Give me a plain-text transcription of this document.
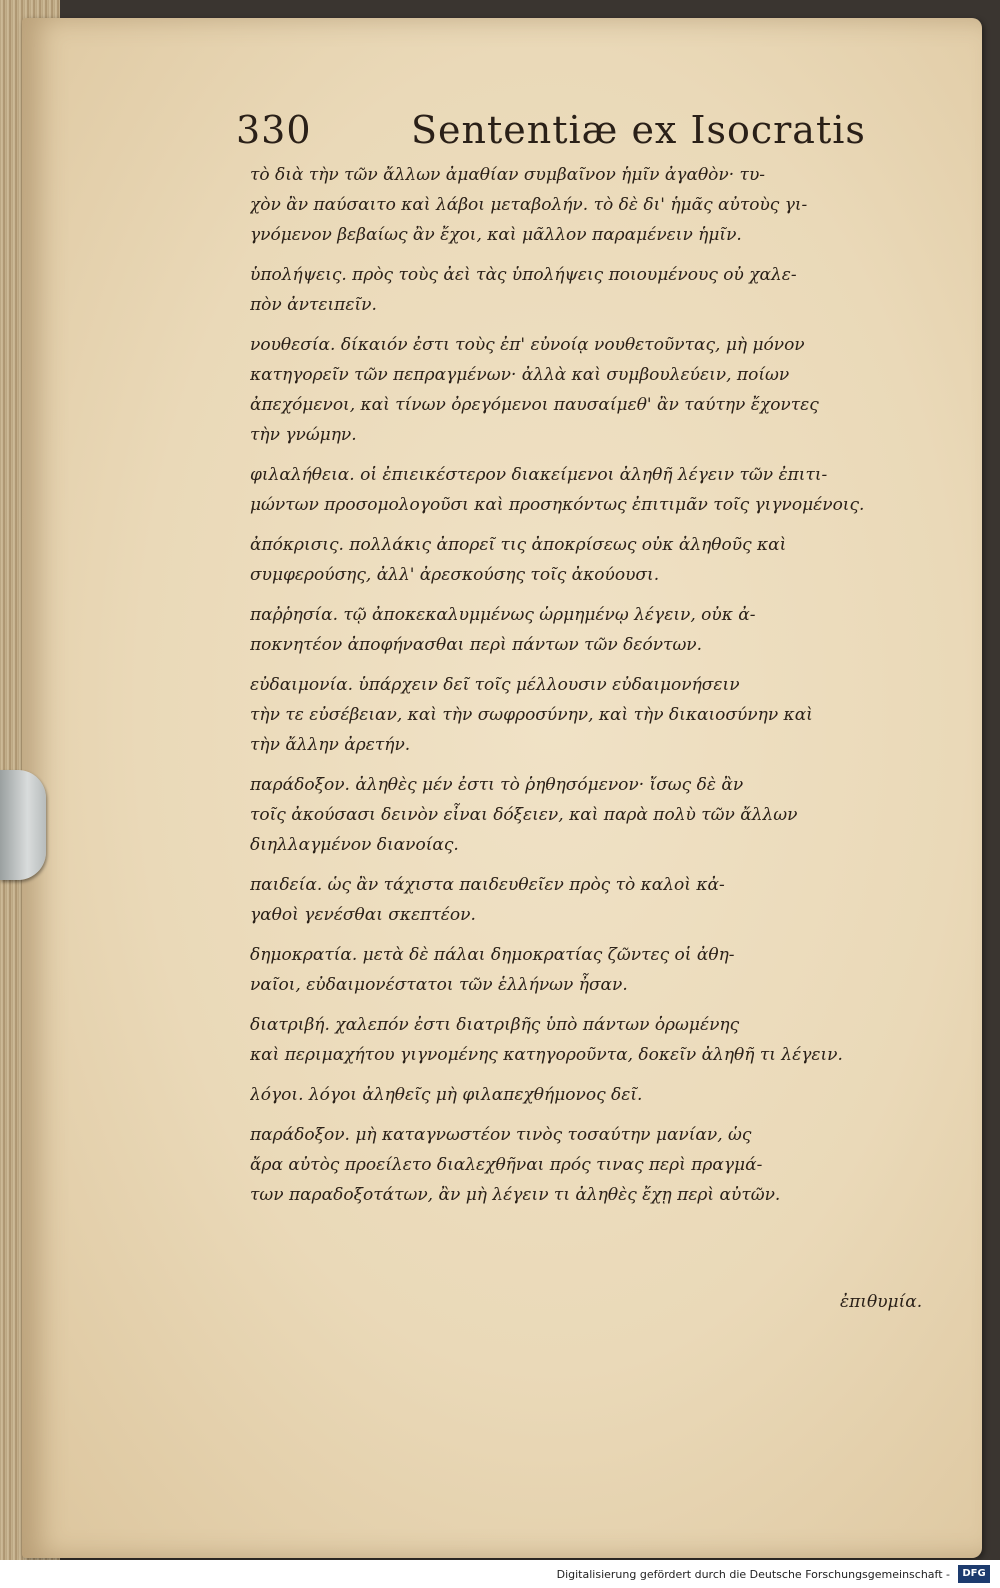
330	Sententiæ ex Isocratis
τὸ διὰ τὴν τῶν ἄλλων ἀμαθίαν συμβαῖνον ἡμῖν ἀγαθὸν· τυ-
χὸν ἂν παύσαιτο καὶ λάβοι μεταβολήν. τὸ δὲ δι' ἡμᾶς αὐτοὺς γι-
γνόμενον βεβαίως ἂν ἔχοι, καὶ μᾶλλον παραμένειν ἡμῖν.
ὑπολήψεις. πρὸς τοὺς ἀεὶ τὰς ὑπολήψεις ποιουμένους οὐ χαλε-
πὸν ἀντειπεῖν.
νουθεσία. δίκαιόν ἐστι τοὺς ἐπ' εὐνοίᾳ νουθετοῦντας, μὴ μόνον
κατηγορεῖν τῶν πεπραγμένων· ἀλλὰ καὶ συμβουλεύειν, ποίων
ἀπεχόμενοι, καὶ τίνων ὀρεγόμενοι παυσαίμεθ' ἂν ταύτην ἔχοντες
τὴν γνώμην.
φιλαλήθεια. οἱ ἐπιεικέστερον διακείμενοι ἀληθῆ λέγειν τῶν ἐπιτι-
μώντων προσομολογοῦσι καὶ προσηκόντως ἐπιτιμᾶν τοῖς γιγνομένοις.
ἀπόκρισις. πολλάκις ἀπορεῖ τις ἀποκρίσεως οὐκ ἀληθοῦς καὶ
συμφερούσης, ἀλλ' ἀρεσκούσης τοῖς ἀκούουσι.
παῤῥησία. τῷ ἀποκεκαλυμμένως ὡρμημένῳ λέγειν, οὐκ ἀ-
ποκνητέον ἀποφήνασθαι περὶ πάντων τῶν δεόντων.
εὐδαιμονία. ὑπάρχειν δεῖ τοῖς μέλλουσιν εὐδαιμονήσειν
τὴν τε εὐσέβειαν, καὶ τὴν σωφροσύνην, καὶ τὴν δικαιοσύνην καὶ
τὴν ἄλλην ἀρετήν.
παράδοξον. ἀληθὲς μέν ἐστι τὸ ῥηθησόμενον· ἴσως δὲ ἂν
τοῖς ἀκούσασι δεινὸν εἶναι δόξειεν, καὶ παρὰ πολὺ τῶν ἄλλων
διηλλαγμένον διανοίας.
παιδεία. ὡς ἂν τάχιστα παιδευθεῖεν πρὸς τὸ καλοὶ κἀ-
γαθοὶ γενέσθαι σκεπτέον.
δημοκρατία. μετὰ δὲ πάλαι δημοκρατίας ζῶντες οἱ ἀθη-
ναῖοι, εὐδαιμονέστατοι τῶν ἑλλήνων ἦσαν.
διατριβή. χαλεπόν ἐστι διατριβῆς ὑπὸ πάντων ὁρωμένης
καὶ περιμαχήτου γιγνομένης κατηγοροῦντα, δοκεῖν ἀληθῆ τι λέγειν.
λόγοι. λόγοι ἀληθεῖς μὴ φιλαπεχθήμονος δεῖ.
παράδοξον. μὴ καταγνωστέον τινὸς τοσαύτην μανίαν, ὡς
ἄρα αὐτὸς προείλετο διαλεχθῆναι πρός τινας περὶ πραγμά-
των παραδοξοτάτων, ἂν μὴ λέγειν τι ἀληθὲς ἔχῃ περὶ αὐτῶν.
ἐπιθυμία.
Digitalisierung gefördert durch die Deutsche Forschungsgemeinschaft -	DFG
